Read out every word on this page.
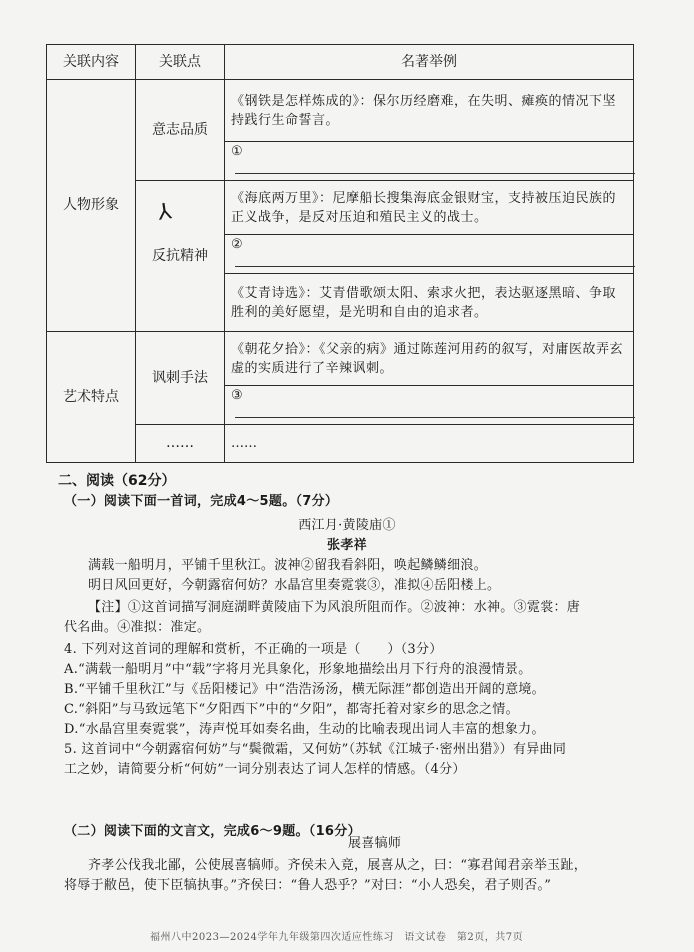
关联内容	关联点	名著举例
人物形象	意志品质	《钢铁是怎样炼成的》：保尔历经磨难，在失明、瘫痪的情况下坚持践行生命誓言。
		①
	反抗精神	《海底两万里》：尼摩船长搜集海底金银财宝，支持被压迫民族的正义战争，是反对压迫和殖民主义的战士。
		②
		《艾青诗选》：艾青借歌颂太阳、索求火把，表达驱逐黑暗、争取胜利的美好愿望，是光明和自由的追求者。
艺术特点	讽刺手法	《朝花夕拾》：《父亲的病》通过陈莲河用药的叙写，对庸医故弄玄虚的实质进行了辛辣讽刺。
		③
	……	……
⅄
二、阅读（62分）
（一）阅读下面一首词，完成4～5题。（7分）
西江月·黄陵庙①
张孝祥
满载一船明月，平铺千里秋江。波神②留我看斜阳，唤起鳞鳞细浪。
明日风回更好，今朝露宿何妨？水晶宫里奏霓裳③，准拟④岳阳楼上。
【注】①这首词描写洞庭湖畔黄陵庙下为风浪所阻而作。②波神：水神。③霓裳：唐
代名曲。④准拟：准定。
4. 下列对这首词的理解和赏析，不正确的一项是（　　）（3分）
A.“满载一船明月”中“载”字将月光具象化，形象地描绘出月下行舟的浪漫情景。
B.“平铺千里秋江”与《岳阳楼记》中“浩浩汤汤，横无际涯”都创造出开阔的意境。
C.“斜阳”与马致远笔下“夕阳西下”中的“夕阳”，都寄托着对家乡的思念之情。
D.“水晶宫里奏霓裳”，涛声悦耳如奏名曲，生动的比喻表现出词人丰富的想象力。
5. 这首词中“今朝露宿何妨”与“鬓微霜，又何妨”（苏轼《江城子·密州出猎》）有异曲同
工之妙，请简要分析“何妨”一词分别表达了词人怎样的情感。（4分）
（二）阅读下面的文言文，完成6～9题。（16分）
展喜犒师
齐孝公伐我北鄙，公使展喜犒师。齐侯未入竟，展喜从之，曰：“寡君闻君亲举玉趾，
将辱于敝邑，使下臣犒执事。”齐侯曰：“鲁人恐乎？”对曰：“小人恐矣，君子则否。”
福州八中2023—2024学年九年级第四次适应性练习　语文试卷　第2页，共7页
